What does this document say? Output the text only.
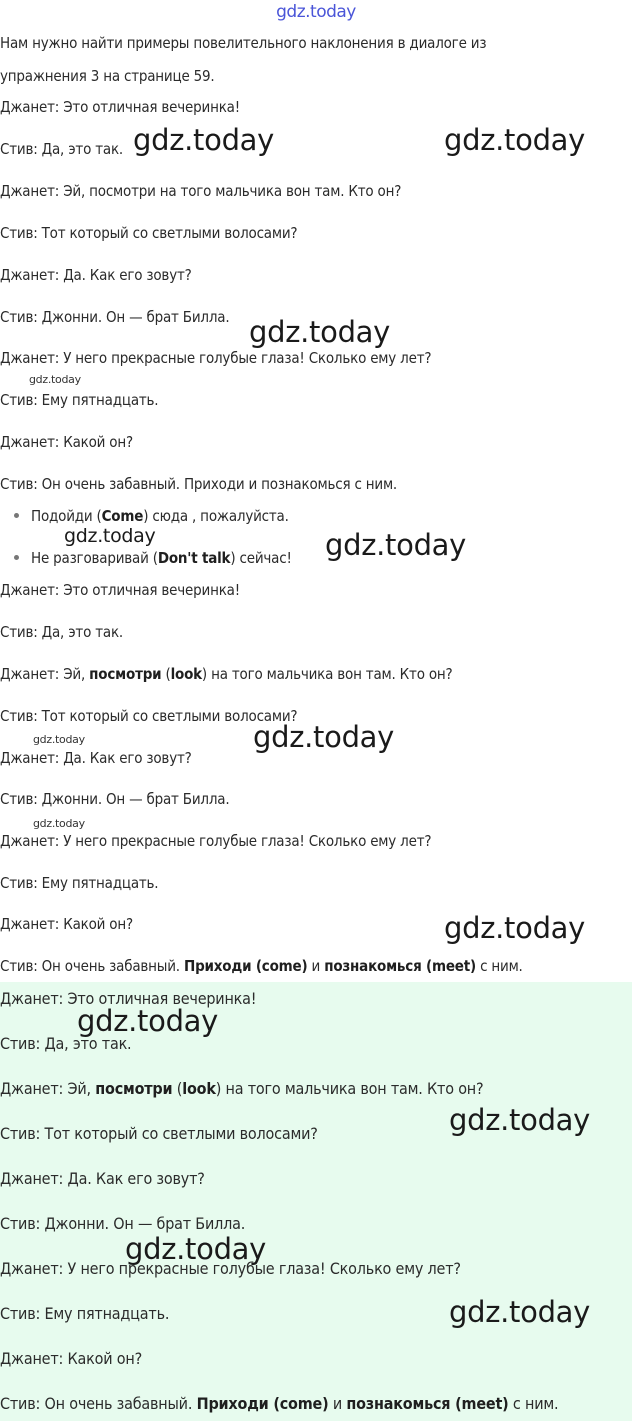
gdz.today
Нам нужно найти примеры повелительного наклонения в диалоге из
упражнения 3 на странице 59.
Джанет: Это отличная вечеринка!
Стив: Да, это так.
Джанет: Эй, посмотри на того мальчика вон там. Кто он?
Стив: Тот который со светлыми волосами?
Джанет: Да. Как его зовут?
Стив: Джонни. Он — брат Билла.
Джанет: У него прекрасные голубые глаза! Сколько ему лет?
Стив: Ему пятнадцать.
Джанет: Какой он?
Стив: Он очень забавный. Приходи и познакомься с ним.
Подойди (Come) сюда , пожалуйста.
Не разговаривай (Don't talk) сейчас!
Джанет: Это отличная вечеринка!
Стив: Да, это так.
Джанет: Эй, посмотри (look) на того мальчика вон там. Кто он?
Стив: Тот который со светлыми волосами?
Джанет: Да. Как его зовут?
Стив: Джонни. Он — брат Билла.
Джанет: У него прекрасные голубые глаза! Сколько ему лет?
Стив: Ему пятнадцать.
Джанет: Какой он?
Стив: Он очень забавный. Приходи (come) и познакомься (meet) с ним.
Джанет: Это отличная вечеринка!
Стив: Да, это так.
Джанет: Эй, посмотри (look) на того мальчика вон там. Кто он?
Стив: Тот который со светлыми волосами?
Джанет: Да. Как его зовут?
Стив: Джонни. Он — брат Билла.
Джанет: У него прекрасные голубые глаза! Сколько ему лет?
Стив: Ему пятнадцать.
Джанет: Какой он?
Стив: Он очень забавный. Приходи (come) и познакомься (meet) с ним.
gdz.today	gdz.today
gdz.today
gdz.today
gdz.today	gdz.today
gdz.today	gdz.today
gdz.today
gdz.today
gdz.today
gdz.today
gdz.today
gdz.today
